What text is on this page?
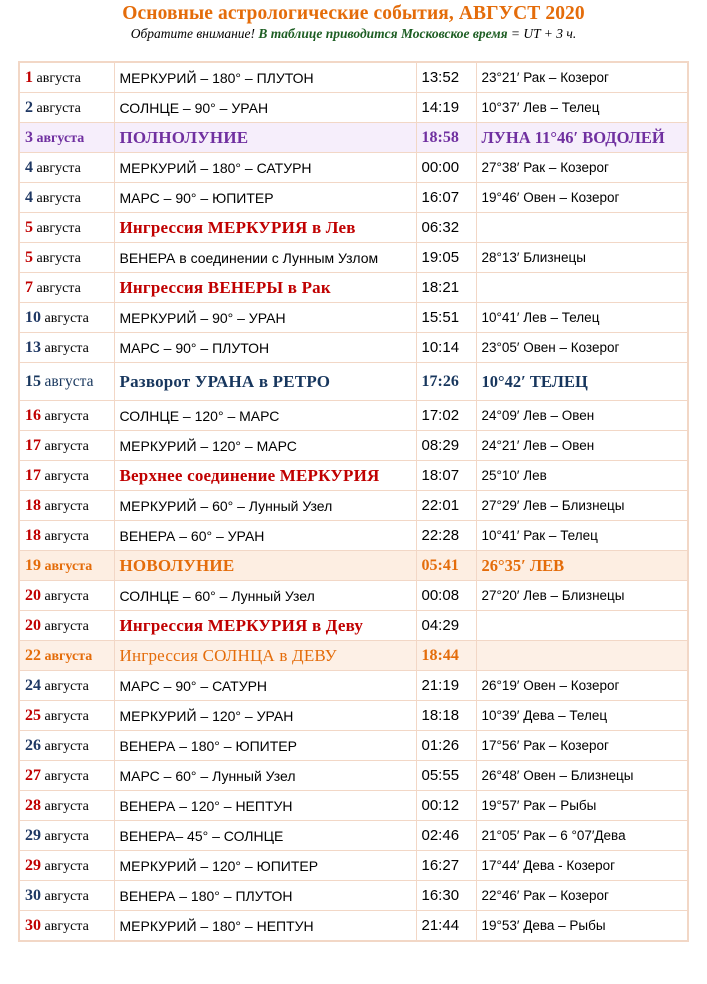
Основные астрологические события, АВГУСТ 2020
Обратите внимание! В таблице приводится Московское время = UT + 3 ч.
1 августа	МЕРКУРИЙ – 180° – ПЛУТОН	13:52	23°21′ Рак – Козерог
2 августа	СОЛНЦЕ – 90° – УРАН	14:19	10°37′ Лев – Телец
3 августа	ПОЛНОЛУНИЕ	18:58	ЛУНА 11°46′ ВОДОЛЕЙ
4 августа	МЕРКУРИЙ – 180° – САТУРН	00:00	27°38′ Рак – Козерог
4 августа	МАРС – 90° – ЮПИТЕР	16:07	19°46′ Овен – Козерог
5 августа	Ингрессия МЕРКУРИЯ в Лев	06:32	
5 августа	ВЕНЕРА в соединении с Лунным Узлом	19:05	28°13′ Близнецы
7 августа	Ингрессия ВЕНЕРЫ в Рак	18:21	
10 августа	МЕРКУРИЙ – 90° – УРАН	15:51	10°41′ Лев – Телец
13 августа	МАРС – 90° – ПЛУТОН	10:14	23°05′ Овен – Козерог
15 августа	Разворот УРАНА в РЕТРО	17:26	10°42′ ТЕЛЕЦ
16 августа	СОЛНЦЕ – 120° – МАРС	17:02	24°09′ Лев – Овен
17 августа	МЕРКУРИЙ – 120° – МАРС	08:29	24°21′ Лев – Овен
17 августа	Верхнее соединение МЕРКУРИЯ	18:07	25°10′ Лев
18 августа	МЕРКУРИЙ – 60° – Лунный Узел	22:01	27°29′ Лев – Близнецы
18 августа	ВЕНЕРА – 60° – УРАН	22:28	10°41′ Рак – Телец
19 августа	НОВОЛУНИЕ	05:41	26°35′ ЛЕВ
20 августа	СОЛНЦЕ – 60° – Лунный Узел	00:08	27°20′ Лев – Близнецы
20 августа	Ингрессия МЕРКУРИЯ в Деву	04:29	
22 августа	Ингрессия СОЛНЦА в ДЕВУ	18:44	
24 августа	МАРС – 90° – САТУРН	21:19	26°19′ Овен – Козерог
25 августа	МЕРКУРИЙ – 120° – УРАН	18:18	10°39′ Дева – Телец
26 августа	ВЕНЕРА – 180° – ЮПИТЕР	01:26	17°56′ Рак – Козерог
27 августа	МАРС – 60° – Лунный Узел	05:55	26°48′ Овен – Близнецы
28 августа	ВЕНЕРА – 120° – НЕПТУН	00:12	19°57′ Рак – Рыбы
29 августа	ВЕНЕРА– 45° – СОЛНЦЕ	02:46	21°05′ Рак – 6 °07′Дева
29 августа	МЕРКУРИЙ – 120° – ЮПИТЕР	16:27	17°44′ Дева - Козерог
30 августа	ВЕНЕРА – 180° – ПЛУТОН	16:30	22°46′ Рак – Козерог
30 августа	МЕРКУРИЙ – 180° – НЕПТУН	21:44	19°53′ Дева – Рыбы
